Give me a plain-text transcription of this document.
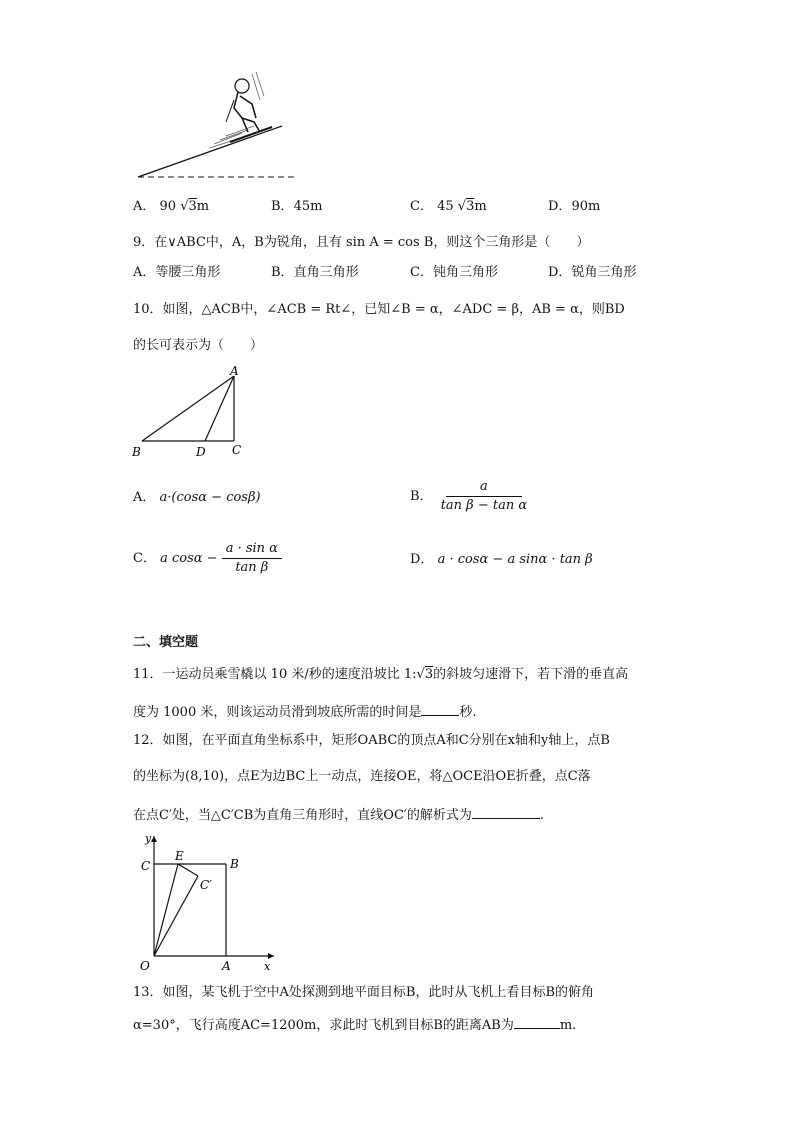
A． 90 √3m	B．45m	C． 45 √3m	D．90m
9．在∨ABC中，A，B为锐角，且有 sin A = cos B，则这个三角形是（　　）
A．等腰三角形	B．直角三角形	C．钝角三角形	D．锐角三角形
10．如图，△ACB中，∠ACB = Rt∠，已知∠B = α，∠ADC = β，AB = α，则BD
的长可表示为（　　）
A
B	C
D
A． a·(cosα − cosβ)	B． $\frac{a}{\text{tan β − tan α}}$
C． a $\cos\alpha - \frac{\text{a · sin α}}{\text{tan β}}$	D． a · cosα − a sinα · tan β
二、填空题
11．一运动员乘雪橇以 10 米/秒的速度沿坡比 1:√3的斜坡匀速滑下，若下滑的垂直高
度为 1000 米，则该运动员滑到坡底所需的时间是	秒.
12．如图，在平面直角坐标系中，矩形OABC的顶点A和C分别在x轴和y轴上，点B
的坐标为(8,10)，点E为边BC上一动点，连接OE，将△OCE沿OE折叠，点C落
在点C′处，当△C′CB为直角三角形时，直线OC′的解析式为	.
y
x
O	A
B
C
E
C′
13．如图，某飞机于空中A处探测到地平面目标B，此时从飞机上看目标B的俯角
α=30°，飞行高度AC=1200m，求此时飞机到目标B的距离AB为	m.
